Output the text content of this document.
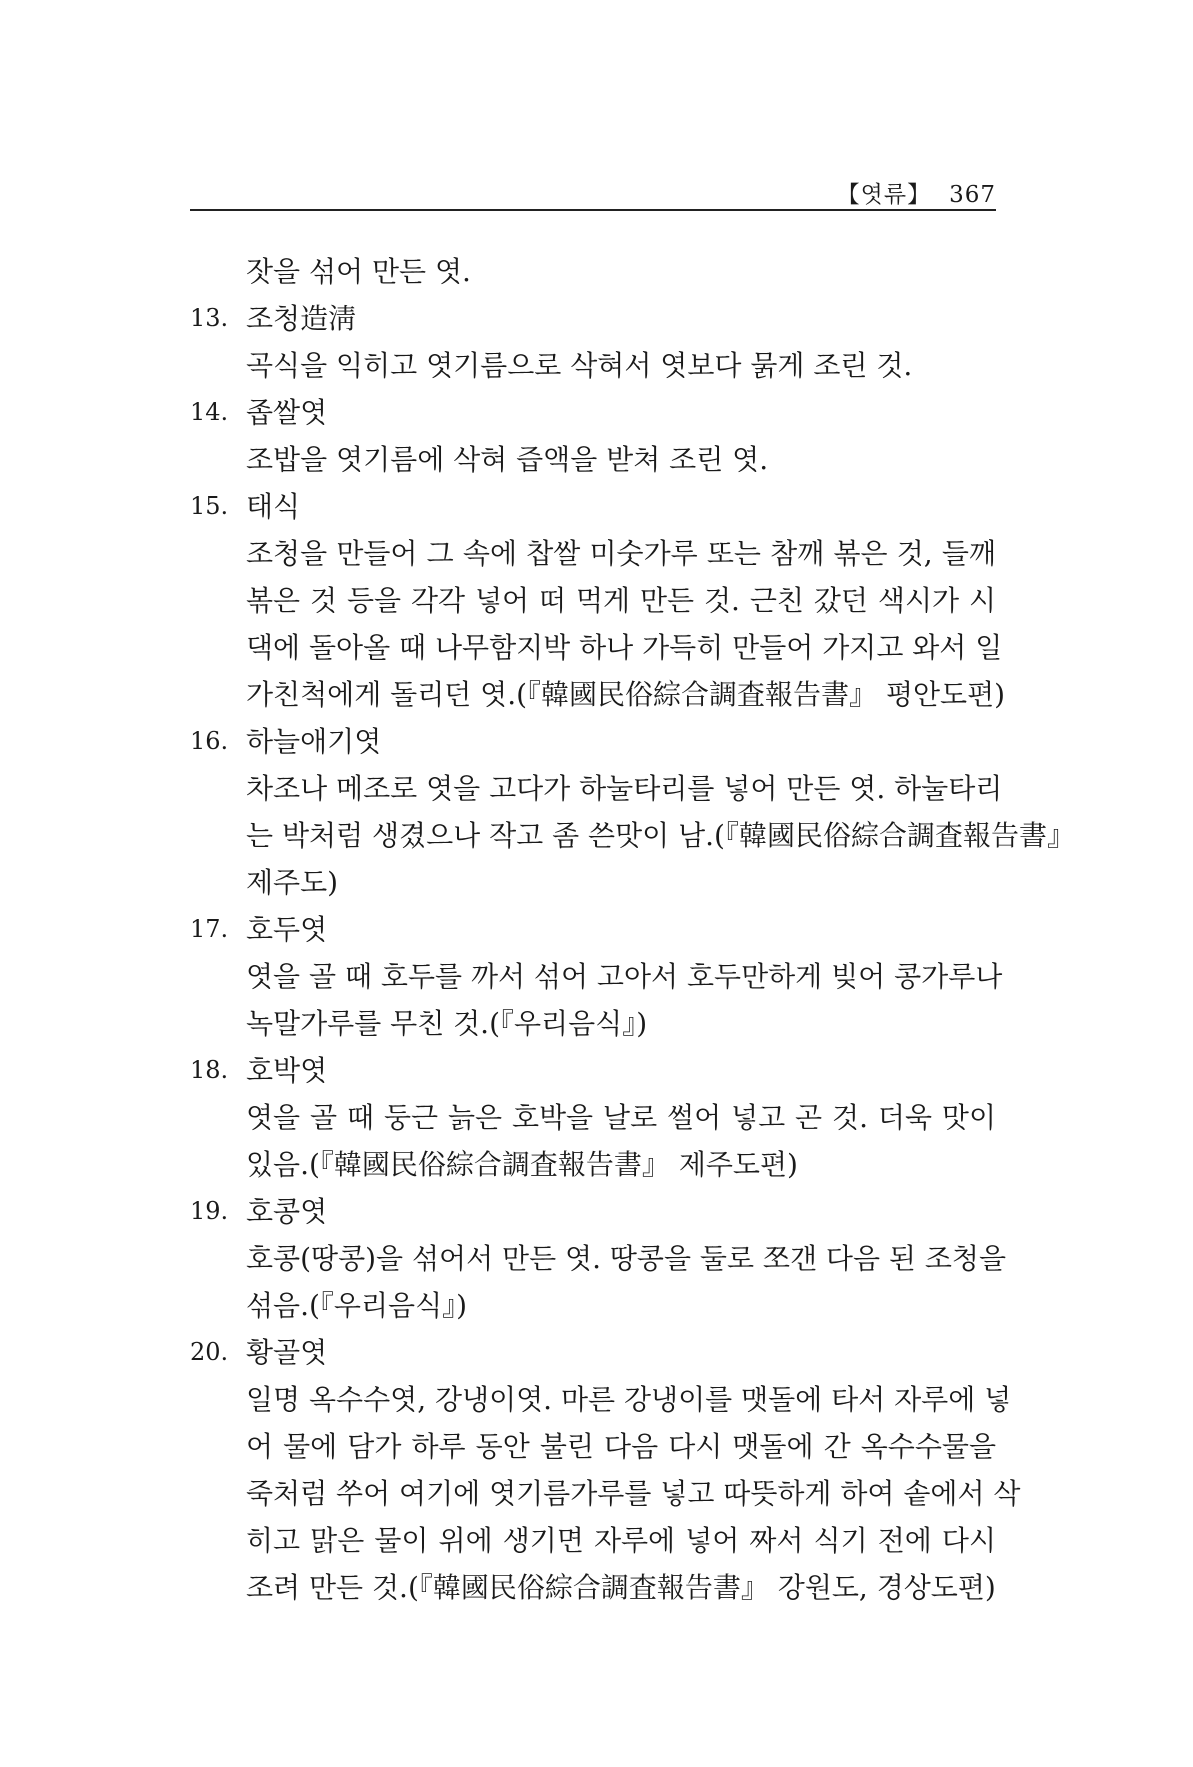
【엿류】 367
잣을 섞어 만든 엿.
13. 조청造淸
곡식을 익히고 엿기름으로 삭혀서 엿보다 묽게 조린 것.
14. 좁쌀엿
조밥을 엿기름에 삭혀 즙액을 받쳐 조린 엿.
15. 태식
조청을 만들어 그 속에 찹쌀 미숫가루 또는 참깨 볶은 것, 들깨
볶은 것 등을 각각 넣어 떠 먹게 만든 것. 근친 갔던 색시가 시
댁에 돌아올 때 나무함지박 하나 가득히 만들어 가지고 와서 일
가친척에게 돌리던 엿.(『韓國民俗綜合調査報告書』 평안도편)
16. 하늘애기엿
차조나 메조로 엿을 고다가 하눌타리를 넣어 만든 엿. 하눌타리
는 박처럼 생겼으나 작고 좀 쓴맛이 남.(『韓國民俗綜合調査報告書』
제주도)
17. 호두엿
엿을 골 때 호두를 까서 섞어 고아서 호두만하게 빚어 콩가루나
녹말가루를 무친 것.(『우리음식』)
18. 호박엿
엿을 골 때 둥근 늙은 호박을 날로 썰어 넣고 곤 것. 더욱 맛이
있음.(『韓國民俗綜合調査報告書』 제주도편)
19. 호콩엿
호콩(땅콩)을 섞어서 만든 엿. 땅콩을 둘로 쪼갠 다음 된 조청을
섞음.(『우리음식』)
20. 황골엿
일명 옥수수엿, 강냉이엿. 마른 강냉이를 맷돌에 타서 자루에 넣
어 물에 담가 하루 동안 불린 다음 다시 맷돌에 간 옥수수물을
죽처럼 쑤어 여기에 엿기름가루를 넣고 따뜻하게 하여 솥에서 삭
히고 맑은 물이 위에 생기면 자루에 넣어 짜서 식기 전에 다시
조려 만든 것.(『韓國民俗綜合調査報告書』 강원도, 경상도편)
